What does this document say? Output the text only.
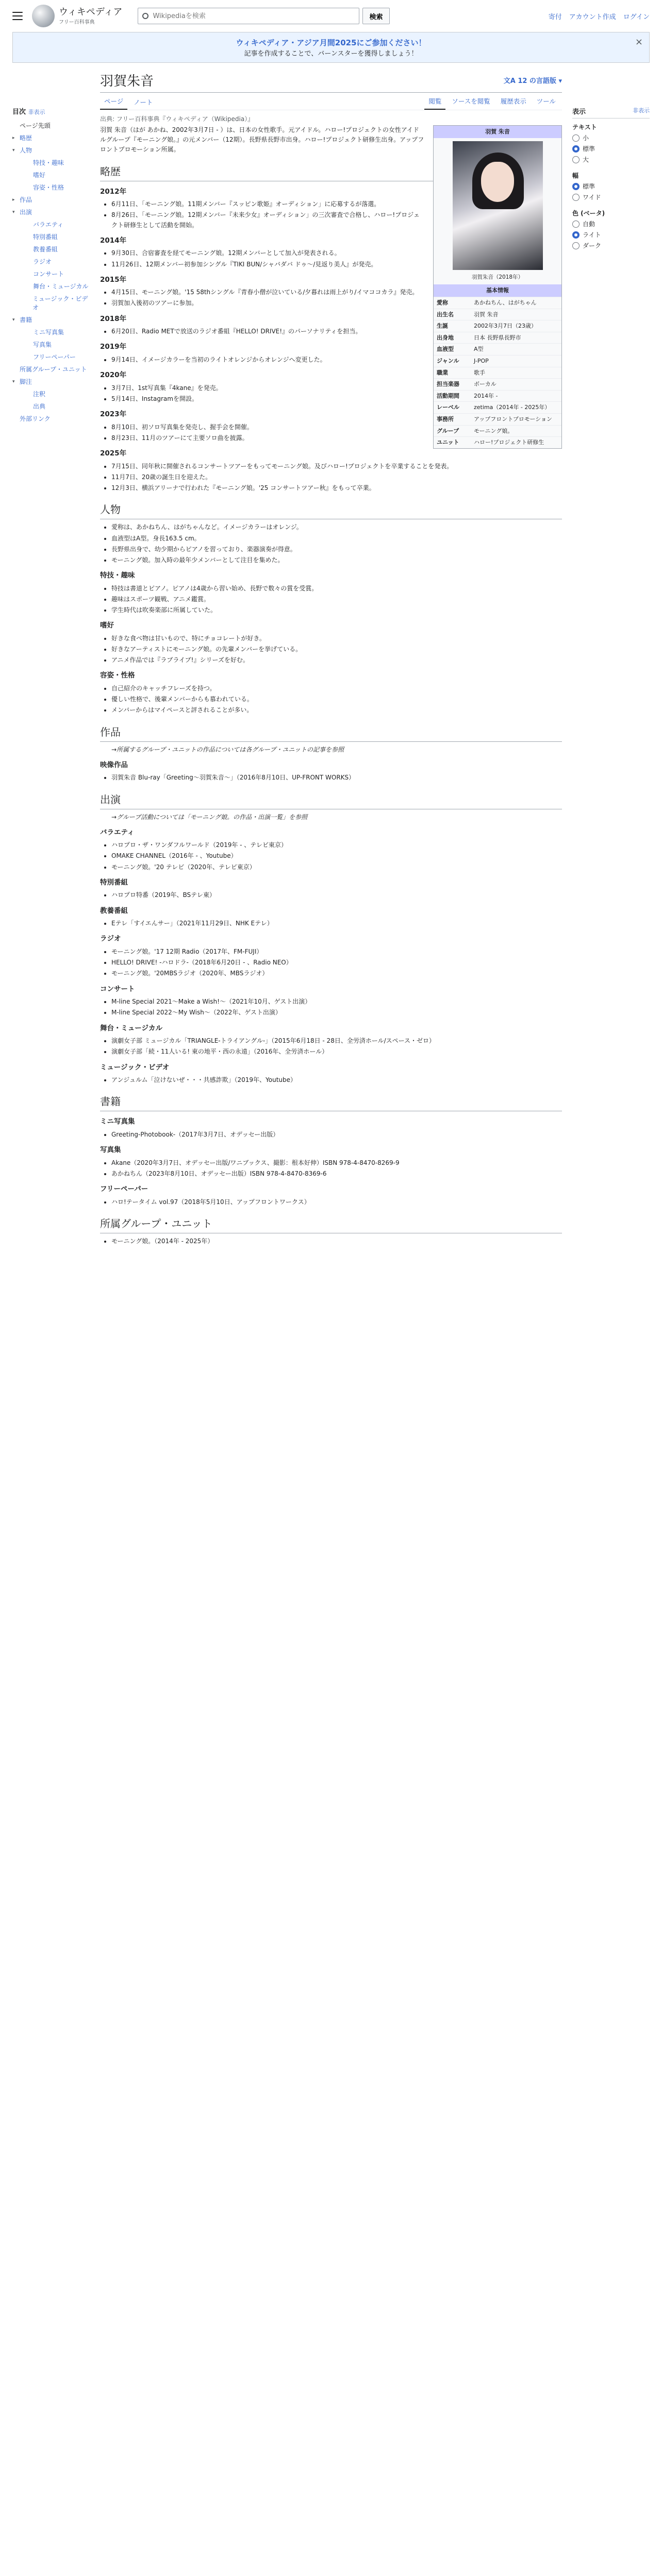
ウィキペディア
フリー百科事典
Wikipediaを検索
検索	寄付 アカウント作成 ログイン
ウィキペディア・アジア月間2025にご参加ください！
記事を作成することで、バーンスターを獲得しましょう！
×
目次 非表示
ページ先頭
▸ 略歴
▾ 人物
特技・趣味
嗜好
容姿・性格
▸ 作品
▾ 出演
バラエティ
特別番組
教養番組
ラジオ
コンサート
舞台・ミュージカル
ミュージック・ビデオ
▾ 書籍
ミニ写真集
写真集
フリーペーパー
所属グループ・ユニット
▾ 脚注
注釈
出典
外部リンク
羽賀朱音	文A 12 の言語版 ▾
ページ	ノート	閲覧	ソースを閲覧	履歴表示	ツール
出典: フリー百科事典『ウィキペディア（Wikipedia）』
羽賀 朱音
羽賀朱音（2018年）
基本情報
愛称	あかねちん、はがちゃん
出生名	羽賀 朱音
生誕	2002年3月7日（23歳）
出身地	日本 長野県長野市
血液型	A型
ジャンル	J-POP
職業	歌手
担当楽器	ボーカル
活動期間	2014年 -
レーベル	zetima（2014年 - 2025年）
事務所	アップフロントプロモーション
グループ	モーニング娘。
ユニット	ハロー!プロジェクト研修生

羽賀 朱音（はが あかね、2002年3月7日 - ）は、日本の女性歌手。元アイドル。ハロー!プロジェクトの女性アイドルグループ『モーニング娘。』の元メンバー（12期）。長野県長野市出身。ハロー!プロジェクト研修生出身。アップフロントプロモーション所属。

略歴
2012年
• 6月11日、「モーニング娘。11期メンバー『スッピン歌姫』オーディション」に応募するが落選。
• 8月26日、「モーニング娘。12期メンバー『未来少女』オーディション」の三次審査で合格し、ハロー!プロジェクト研修生として活動を開始。
2014年
• 9月30日、合宿審査を経てモーニング娘。12期メンバーとして加入が発表される。
• 11月26日、12期メンバー初参加シングル『TIKI BUN/シャバダバ ドゥ～/見返り美人』が発売。
2015年
• 4月15日、モーニング娘。'15 58thシングル『青春小僧が泣いている/夕暮れは雨上がり/イマココカラ』発売。
• 羽賀加入後初のツアーに参加。
2018年
• 6月20日、Radio METで放送のラジオ番組『HELLO! DRIVE!』のパーソナリティを担当。
2019年
• 9月14日、イメージカラーを当初のライトオレンジからオレンジへ変更した。
2020年
• 3月7日、1st写真集『4kane』を発売。
• 5月14日、Instagramを開設。
2023年
• 8月10日、初ソロ写真集を発売し、握手会を開催。
• 8月23日、11月のツアーにて主要ソロ曲を披露。
2025年
• 7月15日、同年秋に開催されるコンサートツアーをもってモーニング娘。及びハロー!プロジェクトを卒業することを発表。
• 11月7日、20歳の誕生日を迎えた。
• 12月3日、横浜アリーナで行われた『モーニング娘。'25 コンサートツアー秋』をもって卒業。
人物
• 愛称は、あかねちん、はがちゃんなど。イメージカラーはオレンジ。
• 血液型はA型。身長163.5 cm。
• 長野県出身で、幼少期からピアノを習っており、楽器演奏が得意。
• モーニング娘。加入時の最年少メンバーとして注目を集めた。
特技・趣味
• 特技は書道とピアノ。ピアノは4歳から習い始め、長野で数々の賞を受賞。
• 趣味はスポーツ観戦、アニメ鑑賞。
• 学生時代は吹奏楽部に所属していた。
嗜好
• 好きな食べ物は甘いもので、特にチョコレートが好き。
• 好きなアーティストにモーニング娘。の先輩メンバーを挙げている。
• アニメ作品では『ラブライブ!』シリーズを好む。
容姿・性格
• 自己紹介のキャッチフレーズを持つ。
• 優しい性格で、後輩メンバーからも慕われている。
• メンバーからはマイペースと評されることが多い。
作品
→所属するグループ・ユニットの作品については各グループ・ユニットの記事を参照
映像作品
• 羽賀朱音 Blu-ray「Greeting～羽賀朱音～」（2016年8月10日、UP-FRONT WORKS）
出演
→グループ活動については「モーニング娘。の作品・出演一覧」を参照
バラエティ
• ハロプロ・ザ・ワンダフルワールド（2019年 - 、テレビ東京）
• OMAKE CHANNEL（2016年 - 、Youtube）
• モーニング娘。'20 テレビ（2020年、テレビ東京）
特別番組
• ハロプロ特番（2019年、BSテレ東）
教養番組
• Eテレ「すイエんサー」（2021年11月29日、NHK Eテレ）
ラジオ
• モーニング娘。'17 12期 Radio（2017年、FM-FUJI）
• HELLO! DRIVE! -ハロドラ-（2018年6月20日 - 、Radio NEO）
• モーニング娘。'20MBSラジオ（2020年、MBSラジオ）
コンサート
• M-line Special 2021～Make a Wish!～（2021年10月、ゲスト出演）
• M-line Special 2022～My Wish～（2022年、ゲスト出演）
舞台・ミュージカル
• 演劇女子部 ミュージカル「TRIANGLE-トライアングル-」（2015年6月18日 - 28日、全労済ホール/スペース・ゼロ）
• 演劇女子部「続・11人いる! 東の地平・西の永遠」（2016年、全労済ホール）
ミュージック・ビデオ
• アンジュルム「泣けないぜ・・・共感詐欺」（2019年、Youtube）
書籍
ミニ写真集
• Greeting-Photobook-（2017年3月7日、オデッセー出版）
写真集
• Akane（2020年3月7日、オデッセー出版/ワニブックス、撮影：根本好伸）ISBN 978-4-8470-8269-9
• あかねちん（2023年8月10日、オデッセー出版）ISBN 978-4-8470-8369-6
フリーペーパー
• ハロ!テータイム vol.97（2018年5月10日、アップフロントワークス）
所属グループ・ユニット
• モーニング娘。（2014年 - 2025年）
表示	非表示
テキスト
小
標準
大
幅
標準
ワイド
色 (ベータ)
自動
ライト
ダーク
